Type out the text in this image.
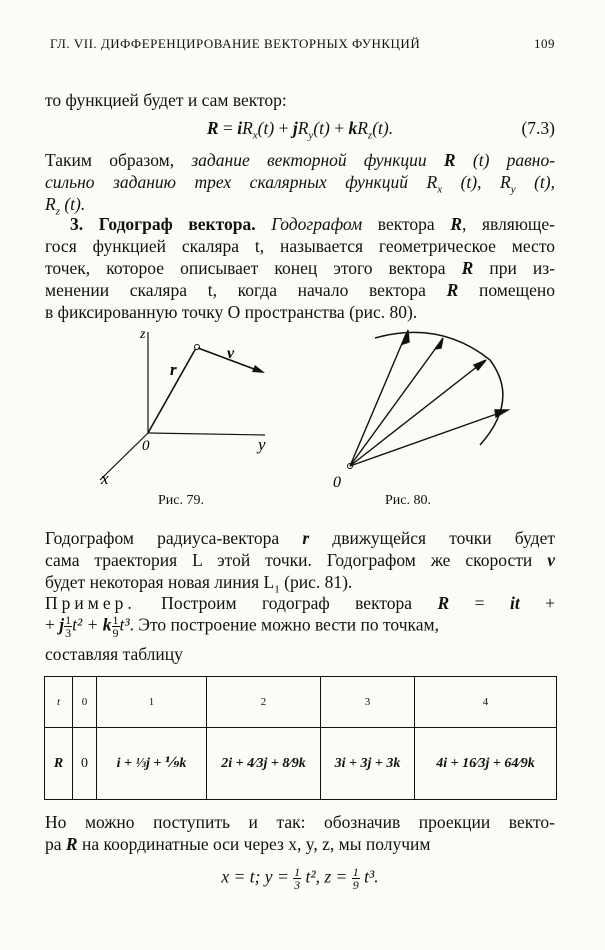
ГЛ. VII. ДИФФЕРЕНЦИРОВАНИЕ ВЕКТОРНЫХ ФУНКЦИЙ	109
то функцией будет и сам вектор:
$R = iR_x(t) + jR_y(t) + kR_z(t)$.	(7.3)
Таким образом, задание векторной функции R (t) равно-
сильно заданию трех скалярных функций $R_x$ (t), $R_y$ (t),
$R_z$ (t).
3. Годограф вектора. Годографом вектора R, являюще-
гося функцией скаляра t, называется геометрическое место
точек, которое описывает конец этого вектора R при из-
менении скаляра t, когда начало вектора R помещено
в фиксированную точку O пространства (рис. 80).
z
y
x
0
r
v
Рис. 79.
0
Рис. 80.
Годографом радиуса-вектора r движущейся точки будет
сама траектория L этой точки. Годографом же скорости v
будет некоторая новая линия $L_1$ (рис. 81).
Пример. Построим годограф вектора R = it +
+ j $\frac{1}{3} t^2 + k \frac{1}{9} t^3$. Это построение можно вести по точкам,
составляя таблицу
t	0	1	2	3	4
R	0	i + ⅓j + ⅑k	2i + 4⁄3j + 8⁄9k	3i + 3j + 3k	4i + 16⁄3j + 64⁄9k
Но можно поступить и так: обозначив проекции векто-
ра R на координатные оси через x, y, z, мы получим
x = t; $y = \frac{1}{3} t^2$, $z = \frac{1}{9} t^3$.
